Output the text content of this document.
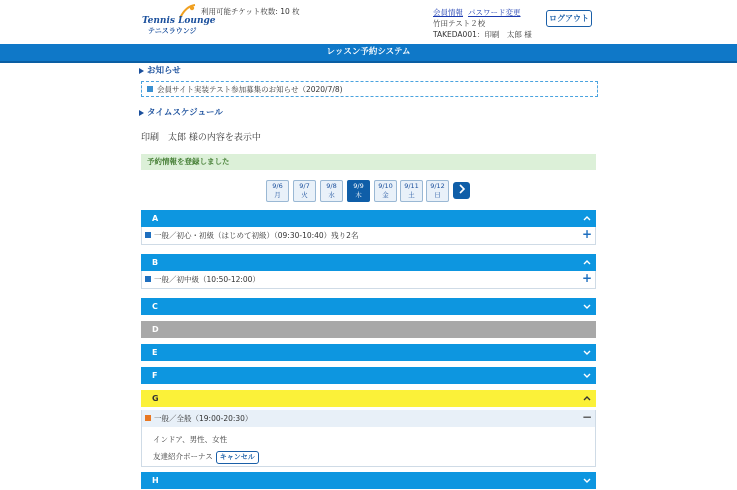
Tennis Lounge
テニスラウンジ
利用可能チケット枚数: 10 枚	会員情報 パスワード変更
竹田テスト２校
TAKEDA001：印刷　太郎 様
ログアウト
レッスン予約システム
お知らせ
会員サイト実装テスト参加募集のお知らせ（2020/7/8)
タイムスケジュール
印刷　太郎 様の内容を表示中
予約情報を登録しました
9/6
月
9/7
火
9/8
水
9/9
木
9/10
金
9/11
土
9/12
日
A
一般／初心・初級（はじめて初級）（09:30-10:40）残り2名	+
B
一般／初中級（10:50-12:00）	+
C
D
E
F
G
一般／全般（19:00-20:30）	−
インドア、男性、女性
友達紹介ボーナス キャンセル
H
